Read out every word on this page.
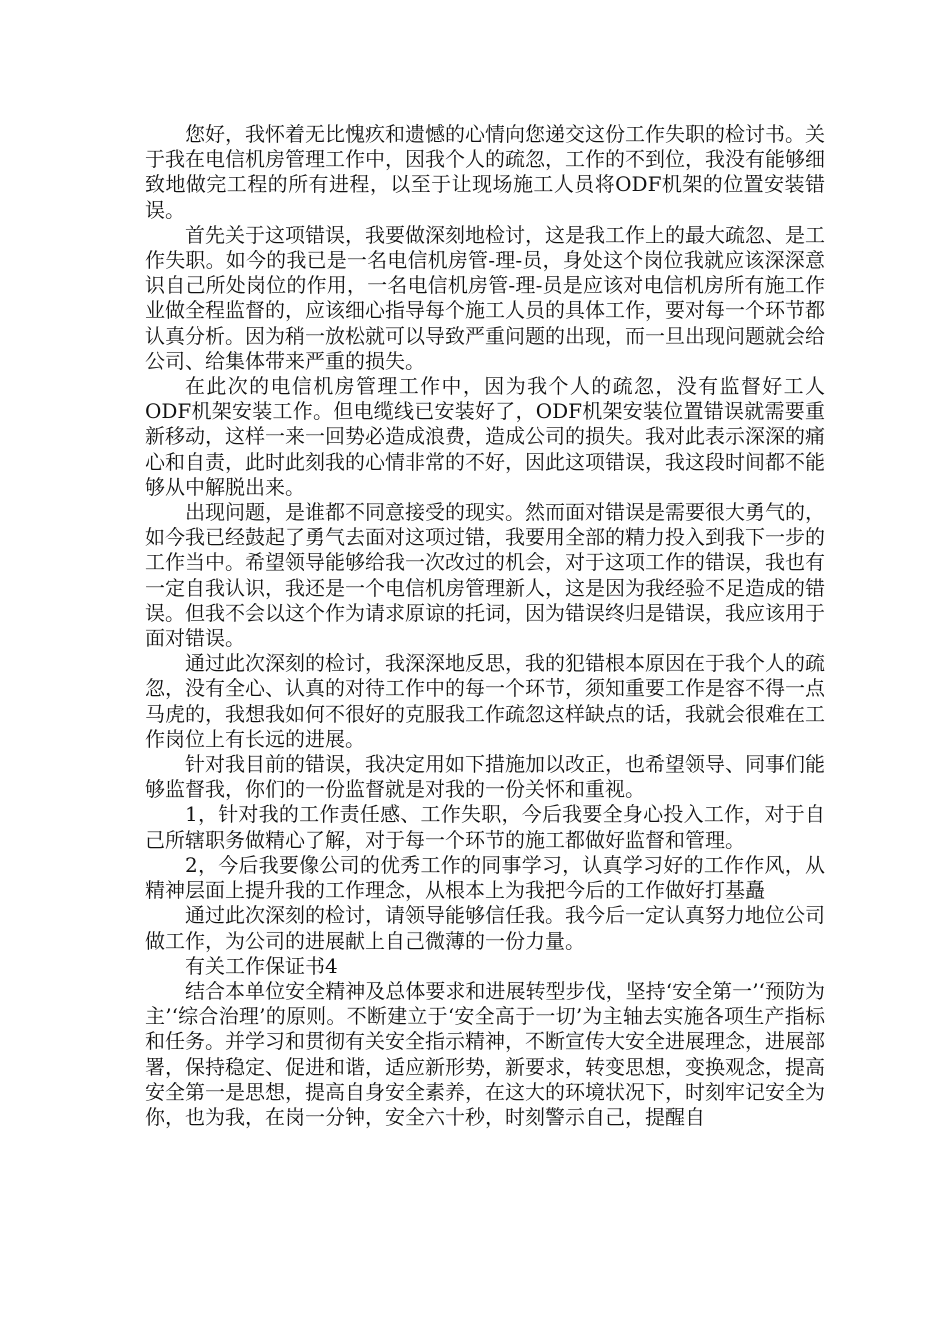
您好，我怀着无比愧疚和遗憾的心情向您递交这份工作失职的检讨书。关于我在电信机房管理工作中，因我个人的疏忽，工作的不到位，我没有能够细致地做完工程的所有进程，以至于让现场施工人员将ODF机架的位置安装错误。

首先关于这项错误，我要做深刻地检讨，这是我工作上的最大疏忽、是工作失职。如今的我已是一名电信机房管-理-员，身处这个岗位我就应该深深意识自己所处岗位的作用，一名电信机房管-理-员是应该对电信机房所有施工作业做全程监督的，应该细心指导每个施工人员的具体工作，要对每一个环节都认真分析。因为稍一放松就可以导致严重问题的出现，而一旦出现问题就会给公司、给集体带来严重的损失。

在此次的电信机房管理工作中，因为我个人的疏忽，没有监督好工人ODF机架安装工作。但电缆线已安装好了，ODF机架安装位置错误就需要重新移动，这样一来一回势必造成浪费，造成公司的损失。我对此表示深深的痛心和自责，此时此刻我的心情非常的不好，因此这项错误，我这段时间都不能够从中解脱出来。

出现问题，是谁都不同意接受的现实。然而面对错误是需要很大勇气的，如今我已经鼓起了勇气去面对这项过错，我要用全部的精力投入到我下一步的工作当中。希望领导能够给我一次改过的机会，对于这项工作的错误，我也有一定自我认识，我还是一个电信机房管理新人，这是因为我经验不足造成的错误。但我不会以这个作为请求原谅的托词，因为错误终归是错误，我应该用于面对错误。

通过此次深刻的检讨，我深深地反思，我的犯错根本原因在于我个人的疏忽，没有全心、认真的对待工作中的每一个环节，须知重要工作是容不得一点马虎的，我想我如何不很好的克服我工作疏忽这样缺点的话，我就会很难在工作岗位上有长远的进展。

针对我目前的错误，我决定用如下措施加以改正，也希望领导、同事们能够监督我，你们的一份监督就是对我的一份关怀和重视。

1，针对我的工作责任感、工作失职，今后我要全身心投入工作，对于自己所辖职务做精心了解，对于每一个环节的施工都做好监督和管理。

2，今后我要像公司的优秀工作的同事学习，认真学习好的工作作风，从精神层面上提升我的工作理念，从根本上为我把今后的工作做好打基矗

通过此次深刻的检讨，请领导能够信任我。我今后一定认真努力地位公司做工作，为公司的进展献上自己微薄的一份力量。

有关工作保证书4

结合本单位安全精神及总体要求和进展转型步伐，坚持‘安全第一’‘预防为主’‘综合治理’的原则。不断建立于‘安全高于一切’为主轴去实施各项生产指标和任务。并学习和贯彻有关安全指示精神，不断宣传大安全进展理念，进展部署，保持稳定、促进和谐，适应新形势，新要求，转变思想，变换观念，提高安全第一是思想，提高自身安全素养，在这大的环境状况下，时刻牢记安全为你，也为我，在岗一分钟，安全六十秒，时刻警示自己，提醒自
